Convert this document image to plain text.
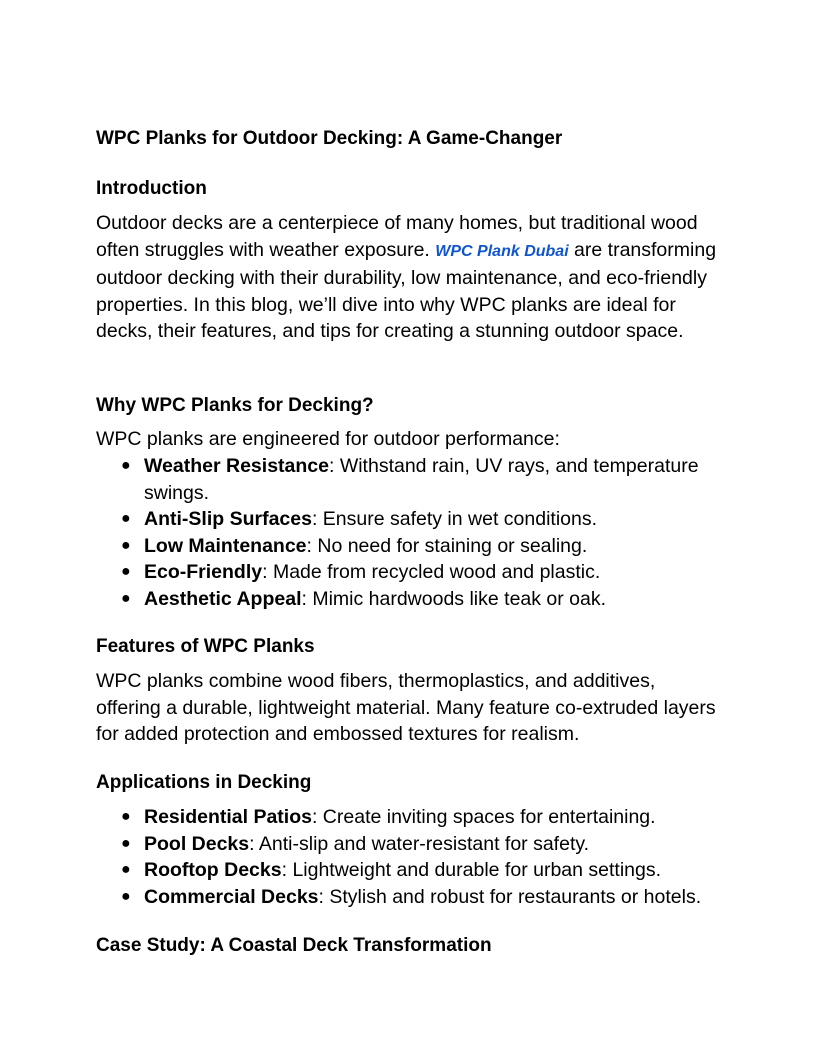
WPC Planks for Outdoor Decking: A Game-Changer
Introduction

Outdoor decks are a centerpiece of many homes, but traditional wood often struggles with weather exposure. WPC Plank Dubai are transforming outdoor decking with their durability, low maintenance, and eco-friendly properties. In this blog, we’ll dive into why WPC planks are ideal for decks, their features, and tips for creating a stunning outdoor space.

Why WPC Planks for Decking?

WPC planks are engineered for outdoor performance:

● Weather Resistance: Withstand rain, UV rays, and temperature swings.
● Anti-Slip Surfaces: Ensure safety in wet conditions.
● Low Maintenance: No need for staining or sealing.
● Eco-Friendly: Made from recycled wood and plastic.
● Aesthetic Appeal: Mimic hardwoods like teak or oak.
Features of WPC Planks

WPC planks combine wood fibers, thermoplastics, and additives, offering a durable, lightweight material. Many feature co-extruded layers for added protection and embossed textures for realism.

Applications in Decking
● Residential Patios: Create inviting spaces for entertaining.
● Pool Decks: Anti-slip and water-resistant for safety.
● Rooftop Decks: Lightweight and durable for urban settings.
● Commercial Decks: Stylish and robust for restaurants or hotels.
Case Study: A Coastal Deck Transformation
